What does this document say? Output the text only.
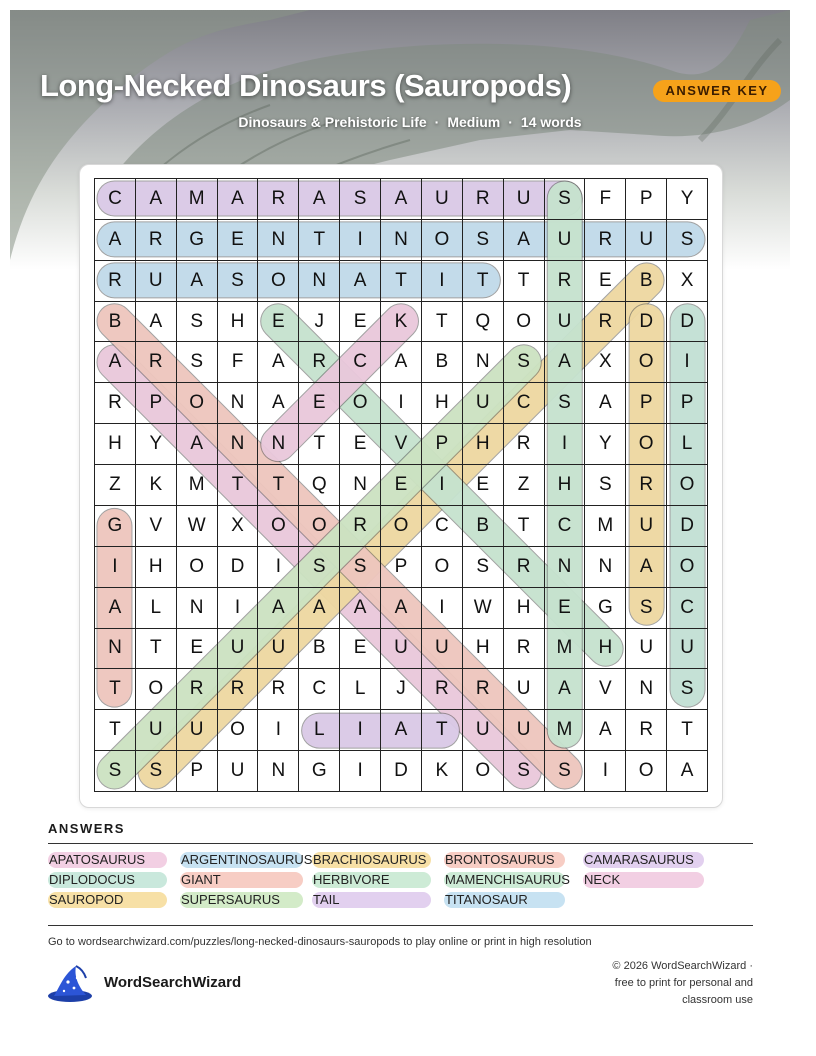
Long-Necked Dinosaurs (Sauropods)	ANSWER KEY
Dinosaurs & Prehistoric Life · Medium · 14 words
C	A	M	A	R	A	S	A	U	R	U	S	F	P	Y
A	R	G	E	N	T	I	N	O	S	A	U	R	U	S
R	U	A	S	O	N	A	T	I	T	T	R	E	B	X
B	A	S	H	E	J	E	K	T	Q	O	U	R	D	D
A	R	S	F	A	R	C	A	B	N	S	A	X	O	I
R	P	O	N	A	E	O	I	H	U	C	S	A	P	P
H	Y	A	N	N	T	E	V	P	H	R	I	Y	O	L
Z	K	M	T	T	Q	N	E	I	E	Z	H	S	R	O
G	V	W	X	O	O	R	O	C	B	T	C	M	U	D
I	H	O	D	I	S	S	P	O	S	R	N	N	A	O
A	L	N	I	A	A	A	A	I	W	H	E	G	S	C
N	T	E	U	U	B	E	U	U	H	R	M	H	U	U
T	O	R	R	R	C	L	J	R	R	U	A	V	N	S
T	U	U	O	I	L	I	A	T	U	U	M	A	R	T
S	S	P	U	N	G	I	D	K	O	S	S	I	O	A
ANSWERS
APATOSAURUS	ARGENTINOSAURUS BRACHIOSAURUS	BRONTOSAURUS	CAMARASAURUS
DIPLODOCUS	GIANT	HERBIVORE	MAMENCHISAURUS NECK
SAUROPOD	SUPERSAURUS	TAIL	TITANOSAUR
Go to wordsearchwizard.com/puzzles/long-necked-dinosaurs-sauropods to play online or print in high resolution
WordSearchWizard
© 2026 WordSearchWizard ·
free to print for personal and
classroom use
